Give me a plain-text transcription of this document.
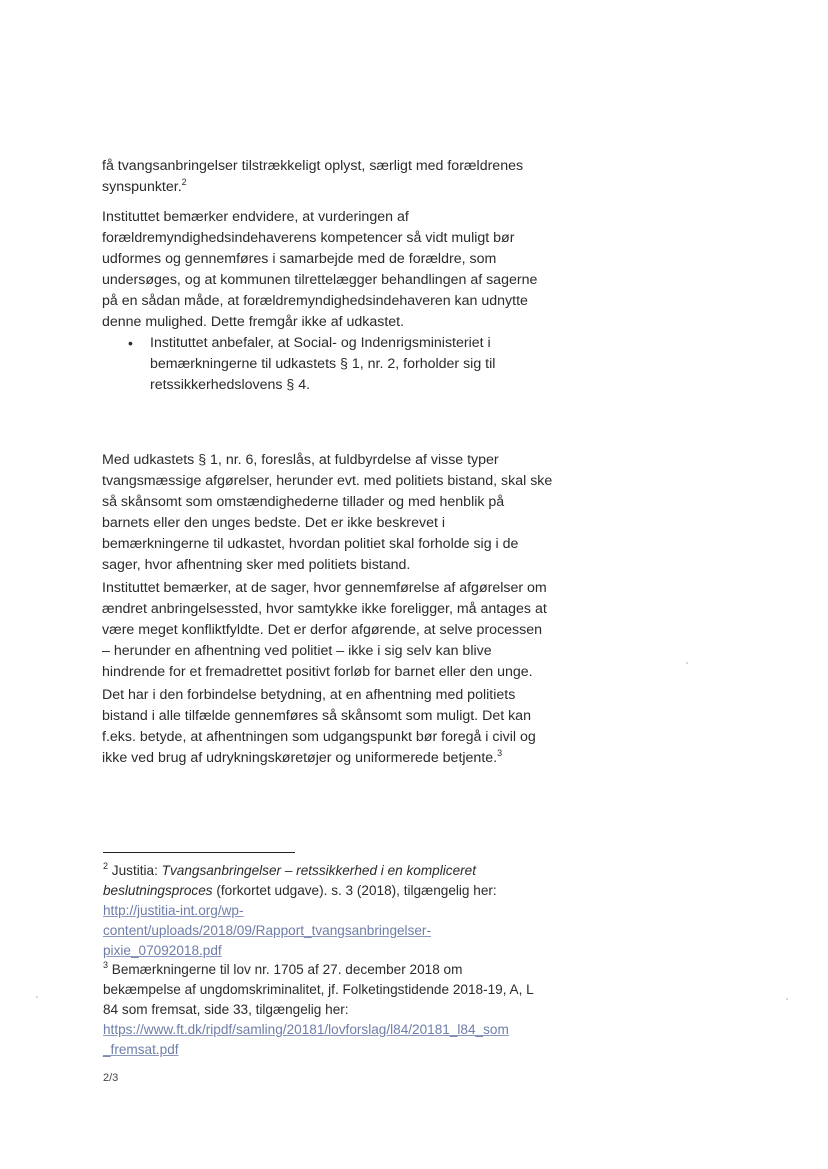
få tvangsanbringelser tilstrækkeligt oplyst, særligt med forældrenes
synspunkter.$^2$
Instituttet bemærker endvidere, at vurderingen af
forældremyndighedsindehaverens kompetencer så vidt muligt bør
udformes og gennemføres i samarbejde med de forældre, som
undersøges, og at kommunen tilrettelægger behandlingen af sagerne
på en sådan måde, at forældremyndighedsindehaveren kan udnytte
denne mulighed. Dette fremgår ikke af udkastet.
• Instituttet anbefaler, at Social- og Indenrigsministeriet i
bemærkningerne til udkastets § 1, nr. 2, forholder sig til
retssikkerhedslovens § 4.
Med udkastets § 1, nr. 6, foreslås, at fuldbyrdelse af visse typer
tvangsmæssige afgørelser, herunder evt. med politiets bistand, skal ske
så skånsomt som omstændighederne tillader og med henblik på
barnets eller den unges bedste. Det er ikke beskrevet i
bemærkningerne til udkastet, hvordan politiet skal forholde sig i de
sager, hvor afhentning sker med politiets bistand.
Instituttet bemærker, at de sager, hvor gennemførelse af afgørelser om
ændret anbringelsessted, hvor samtykke ikke foreligger, må antages at
være meget konfliktfyldte. Det er derfor afgørende, at selve processen
– herunder en afhentning ved politiet – ikke i sig selv kan blive
hindrende for et fremadrettet positivt forløb for barnet eller den unge.
Det har i den forbindelse betydning, at en afhentning med politiets
bistand i alle tilfælde gennemføres så skånsomt som muligt. Det kan
f.eks. betyde, at afhentningen som udgangspunkt bør foregå i civil og
ikke ved brug af udrykningskøretøjer og uniformerede betjente.$^3$
$^2$ Justitia: Tvangsanbringelser – retssikkerhed i en kompliceret
beslutningsproces (forkortet udgave). s. 3 (2018), tilgængelig her:
http://justitia-int.org/wp-
content/uploads/2018/09/Rapport_tvangsanbringelser-
pixie_07092018.pdf
$^3$ Bemærkningerne til lov nr. 1705 af 27. december 2018 om
bekæmpelse af ungdomskriminalitet, jf. Folketingstidende 2018-19, A, L
84 som fremsat, side 33, tilgængelig her:
https://www.ft.dk/ripdf/samling/20181/lovforslag/l84/20181_l84_som
_fremsat.pdf
2/3
